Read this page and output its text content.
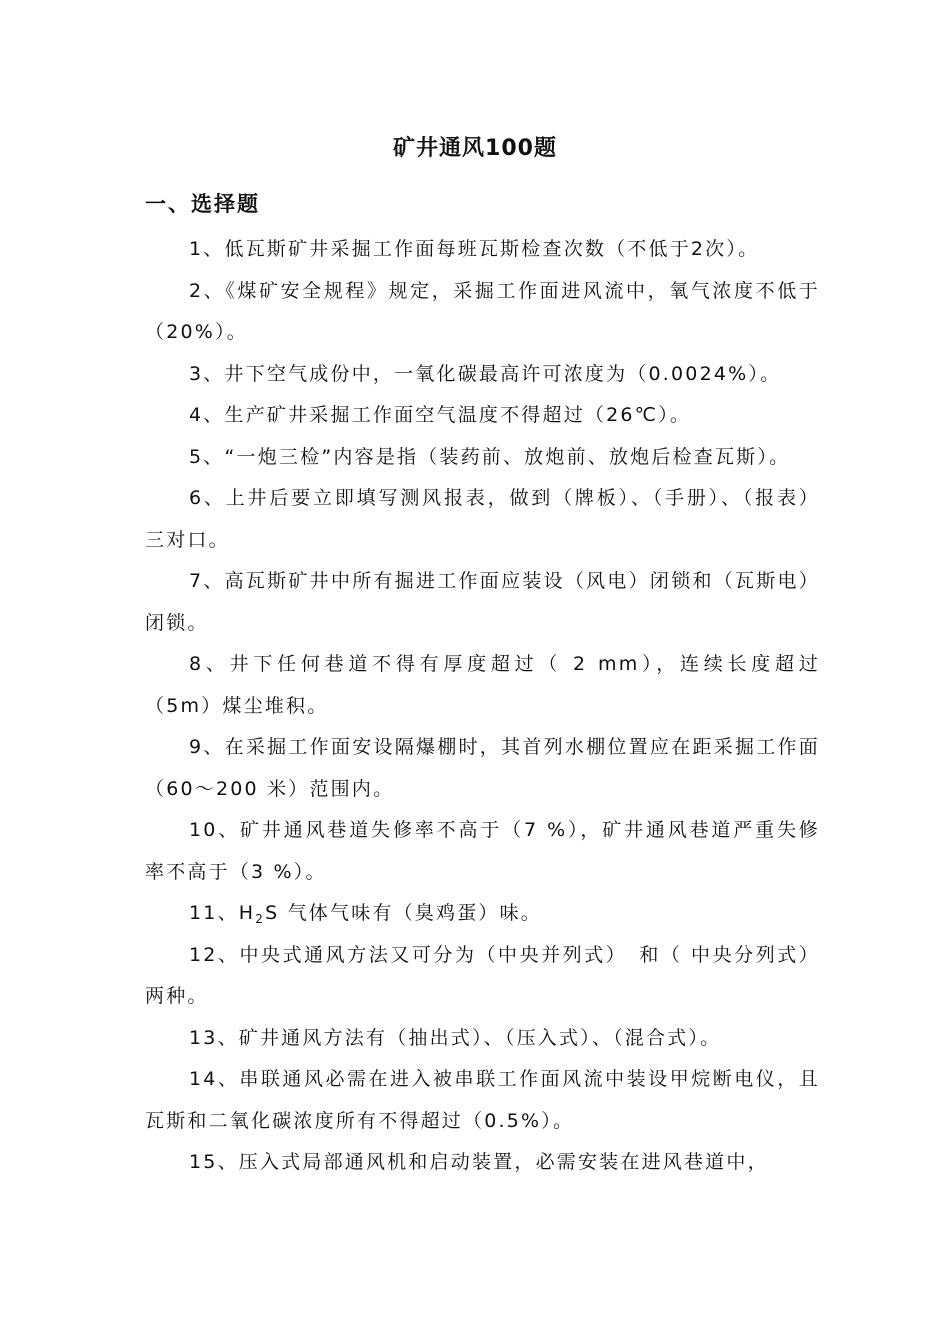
矿井通风100题
一、选择题
1、低瓦斯矿井采掘工作面每班瓦斯检查次数（不低于2次）。
2、《煤矿安全规程》规定，采掘工作面进风流中，氧气浓度不低于（20%）。
3、井下空气成份中，一氧化碳最高许可浓度为（0.0024%）。
4、生产矿井采掘工作面空气温度不得超过（26℃）。
5、“一炮三检”内容是指（装药前、放炮前、放炮后检查瓦斯）。
6、上井后要立即填写测风报表，做到（牌板）、（手册）、（报表）三对口。
7、高瓦斯矿井中所有掘进工作面应装设（风电）闭锁和（瓦斯电）闭锁。
8、井下任何巷道不得有厚度超过（ 2 mm），连续长度超过（5m）煤尘堆积。
9、在采掘工作面安设隔爆棚时，其首列水棚位置应在距采掘工作面（60～200 米）范围内。
10、矿井通风巷道失修率不高于（7 %），矿井通风巷道严重失修率不高于（3 %）。
11、$H_2S$ 气体气味有（臭鸡蛋）味。
12、中央式通风方法又可分为（中央并列式）　和（ 中央分列式） 两种。
13、矿井通风方法有（抽出式）、（压入式）、（混合式）。
14、串联通风必需在进入被串联工作面风流中装设甲烷断电仪，且瓦斯和二氧化碳浓度所有不得超过（0.5%）。
15、压入式局部通风机和启动装置，必需安装在进风巷道中，
